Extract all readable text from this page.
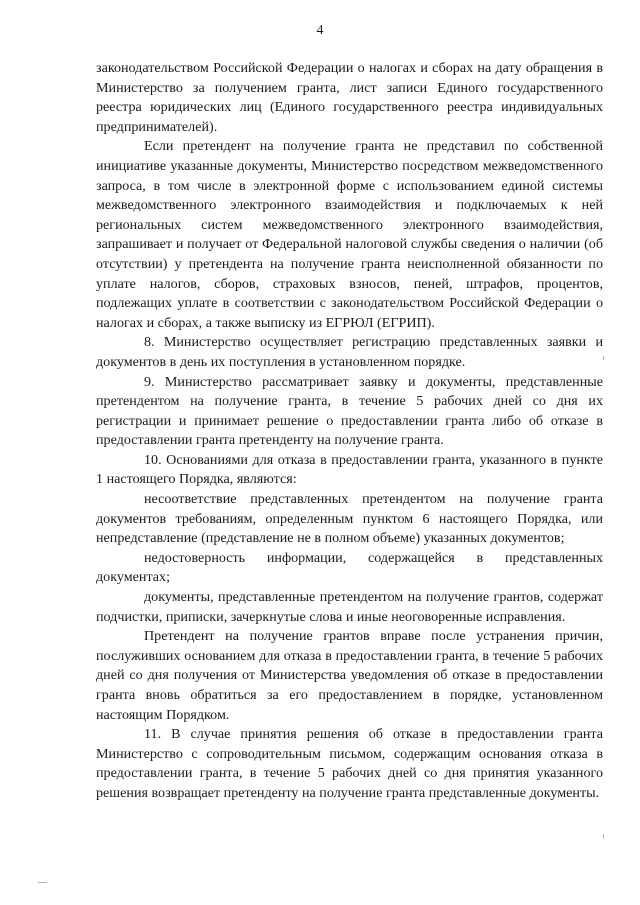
4

законодательством Российской Федерации о налогах и сборах на дату обращения в Министерство за получением гранта, лист записи Единого государственного реестра юридических лиц (Единого государственного реестра индивидуальных предпринимателей).

Если претендент на получение гранта не представил по собственной инициативе указанные документы, Министерство посредством межведомственного запроса, в том числе в электронной форме с использованием единой системы межведомственного электронного взаимодействия и подключаемых к ней региональных систем межведомственного электронного взаимодействия, запрашивает и получает от Федеральной налоговой службы сведения о наличии (об отсутствии) у претендента на получение гранта неисполненной обязанности по уплате налогов, сборов, страховых взносов, пеней, штрафов, процентов, подлежащих уплате в соответствии с законодательством Российской Федерации о налогах и сборах, а также выписку из ЕГРЮЛ (ЕГРИП).

8. Министерство осуществляет регистрацию представленных заявки и документов в день их поступления в установленном порядке.

9. Министерство рассматривает заявку и документы, представленные претендентом на получение гранта, в течение 5 рабочих дней со дня их регистрации и принимает решение о предоставлении гранта либо об отказе в предоставлении гранта претенденту на получение гранта.

10. Основаниями для отказа в предоставлении гранта, указанного в пункте 1 настоящего Порядка, являются:

несоответствие представленных претендентом на получение гранта документов требованиям, определенным пунктом 6 настоящего Порядка, или непредставление (представление не в полном объеме) указанных документов;

недостоверность информации, содержащейся в представленных документах;

документы, представленные претендентом на получение грантов, содержат подчистки, приписки, зачеркнутые слова и иные неоговоренные исправления.

Претендент на получение грантов вправе после устранения причин, послуживших основанием для отказа в предоставлении гранта, в течение 5 рабочих дней со дня получения от Министерства уведомления об отказе в предоставлении гранта вновь обратиться за его предоставлением в порядке, установленном настоящим Порядком.

11. В случае принятия решения об отказе в предоставлении гранта Министерство с сопроводительным письмом, содержащим основания отказа в предоставлении гранта, в течение 5 рабочих дней со дня принятия указанного решения возвращает претенденту на получение гранта представленные документы.
